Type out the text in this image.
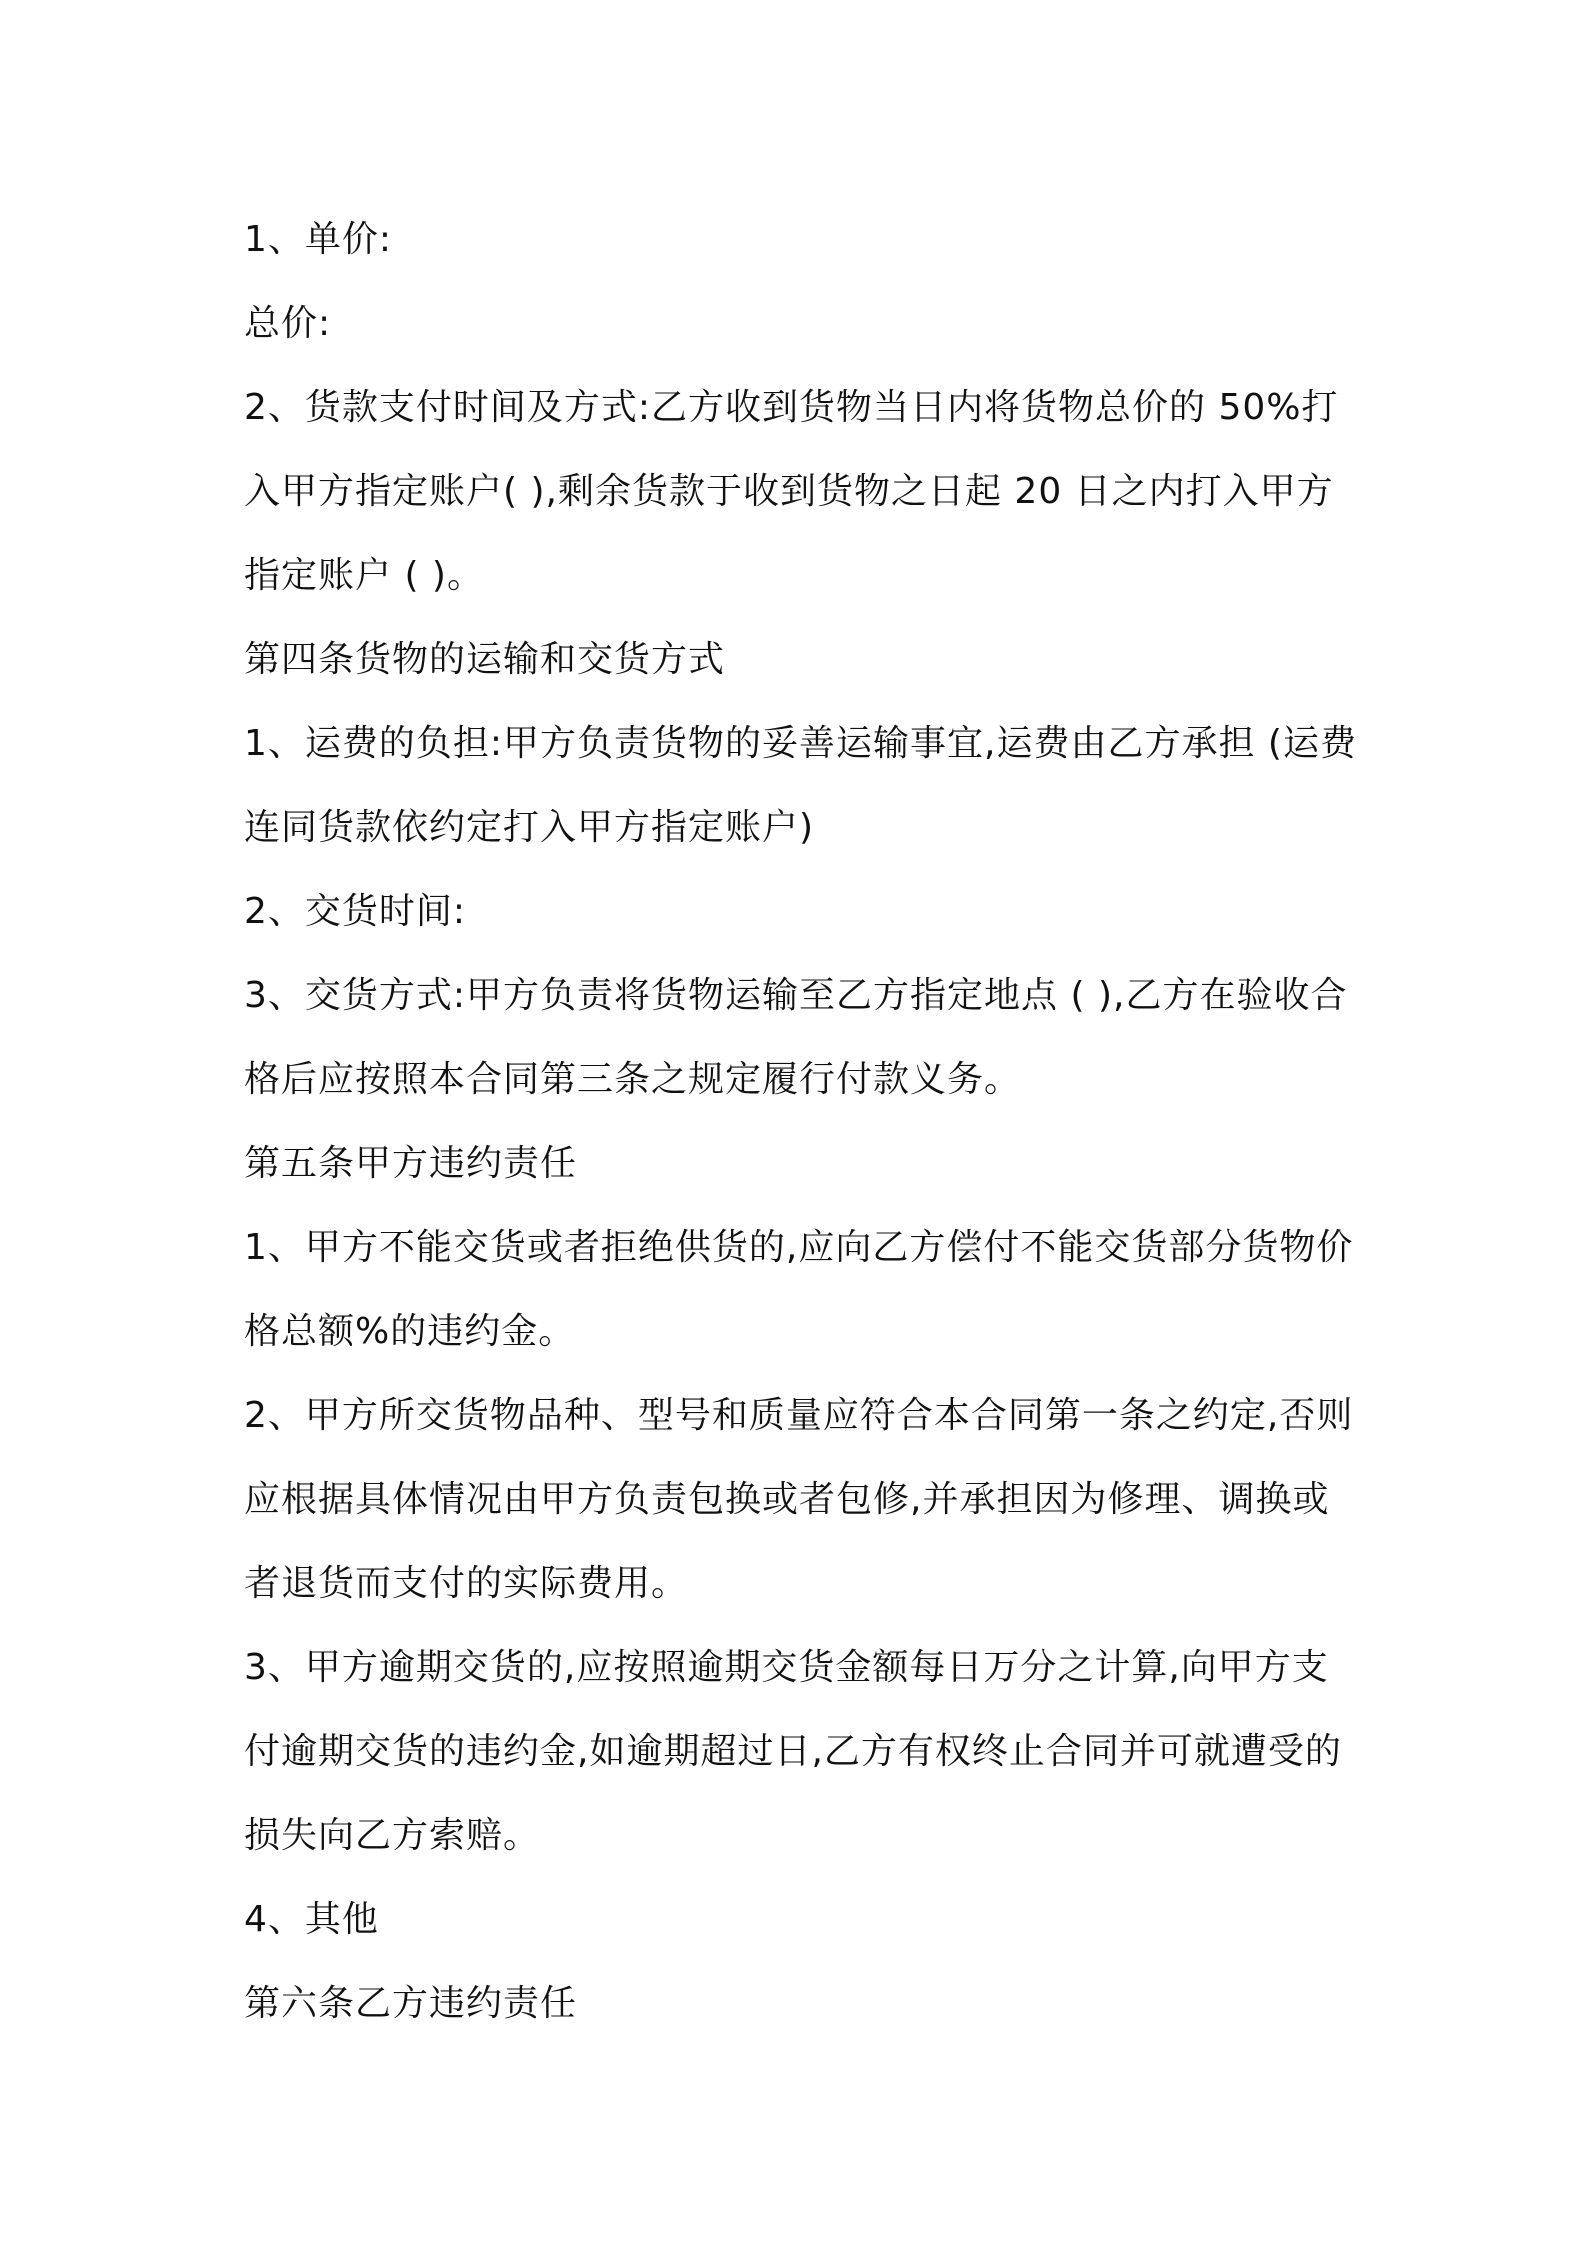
1、单价:

总价:

2、货款支付时间及方式:乙方收到货物当日内将货物总价的 50%打入甲方指定账户( ),剩余货款于收到货物之日起 20 日之内打入甲方指定账户 ( )。

第四条货物的运输和交货方式

1、运费的负担:甲方负责货物的妥善运输事宜,运费由乙方承担 (运费连同货款依约定打入甲方指定账户)

2、交货时间:

3、交货方式:甲方负责将货物运输至乙方指定地点 ( ),乙方在验收合格后应按照本合同第三条之规定履行付款义务。

第五条甲方违约责任

1、甲方不能交货或者拒绝供货的,应向乙方偿付不能交货部分货物价格总额%的违约金。

2、甲方所交货物品种、型号和质量应符合本合同第一条之约定,否则应根据具体情况由甲方负责包换或者包修,并承担因为修理、调换或者退货而支付的实际费用。

3、甲方逾期交货的,应按照逾期交货金额每日万分之计算,向甲方支付逾期交货的违约金,如逾期超过日,乙方有权终止合同并可就遭受的损失向乙方索赔。

4、其他

第六条乙方违约责任
